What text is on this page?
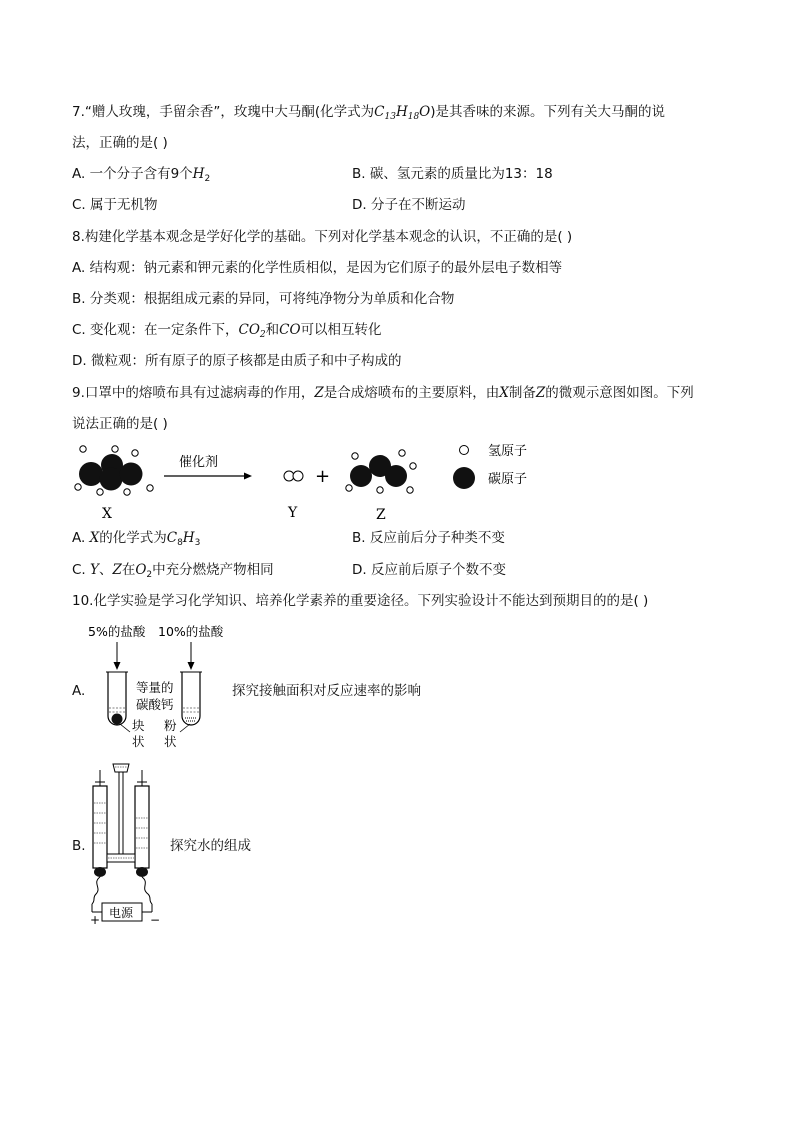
7.“赠人玫瑰，手留余香”，玫瑰中大马酮(化学式为$C_{13}H_{18}O$)是其香味的来源。下列有关大马酮的说
法，正确的是( )
A. 一个分子含有9个$H_2$	B. 碳、氢元素的质量比为13：18
C. 属于无机物	D. 分子在不断运动
8.构建化学基本观念是学好化学的基础。下列对化学基本观念的认识，不正确的是( )
A. 结构观：钠元素和钾元素的化学性质相似，是因为它们原子的最外层电子数相等
B. 分类观：根据组成元素的异同，可将纯净物分为单质和化合物
C. 变化观：在一定条件下，$CO_2$和CO可以相互转化
D. 微粒观：所有原子的原子核都是由质子和中子构成的
9.口罩中的熔喷布具有过滤病毒的作用，Z是合成熔喷布的主要原料，由X制备Z的微观示意图如图。下列
说法正确的是( )
催化剂
+
氢原子
碳原子
X	Y	Z
A. X的化学式为$C_8H_3$	B. 反应前后分子种类不变
C. Y、Z在$O_2$中充分燃烧产物相同	D. 反应前后原子个数不变
10.化学实验是学习化学知识、培养化学素养的重要途径。下列实验设计不能达到预期目的的是( )
A.
5%的盐酸 10%的盐酸
等量的
碳酸钙
块
状
粉
状
探究接触面积对反应速率的影响
B.
电源
+	−
探究水的组成
